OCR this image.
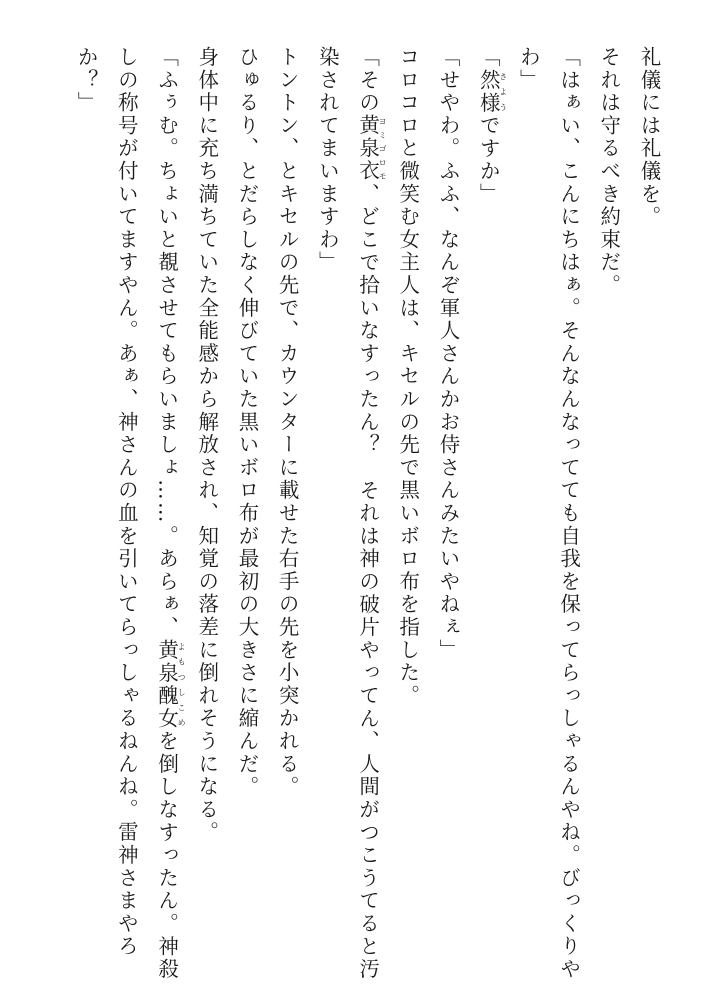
礼儀には礼儀を。

それは守るべき約束だ。

「はぁい、こんにちはぁ。そんなんなってても自我を保ってらっしゃるんやね。びっくりやわ」

「然様さようですか」

「せやわ。ふふ、なんぞ軍人さんかお侍さんみたいやねぇ」

コロコロと微笑む女主人は、キセルの先で黒いボロ布を指した。

「その黄泉衣ヨミゴロモ、どこで拾いなすったん？　それは神の破片やってん、人間がつこうてると汚染されてまいますわ」

トントン、とキセルの先で、カウンターに載せた右手の先を小突かれる。

ひゅるり、とだらしなく伸びていた黒いボロ布が最初の大きさに縮んだ。

身体中に充ち満ちていた全能感から解放され、知覚の落差に倒れそうになる。

「ふぅむ。ちょいと覩させてもらいましょ……。あらぁ、黄泉醜女よもつしこめを倒しなすったん。神殺しの称号が付いてますやん。あぁ、神さんの血を引いてらっしゃるねんね。雷神さまやろか？」
